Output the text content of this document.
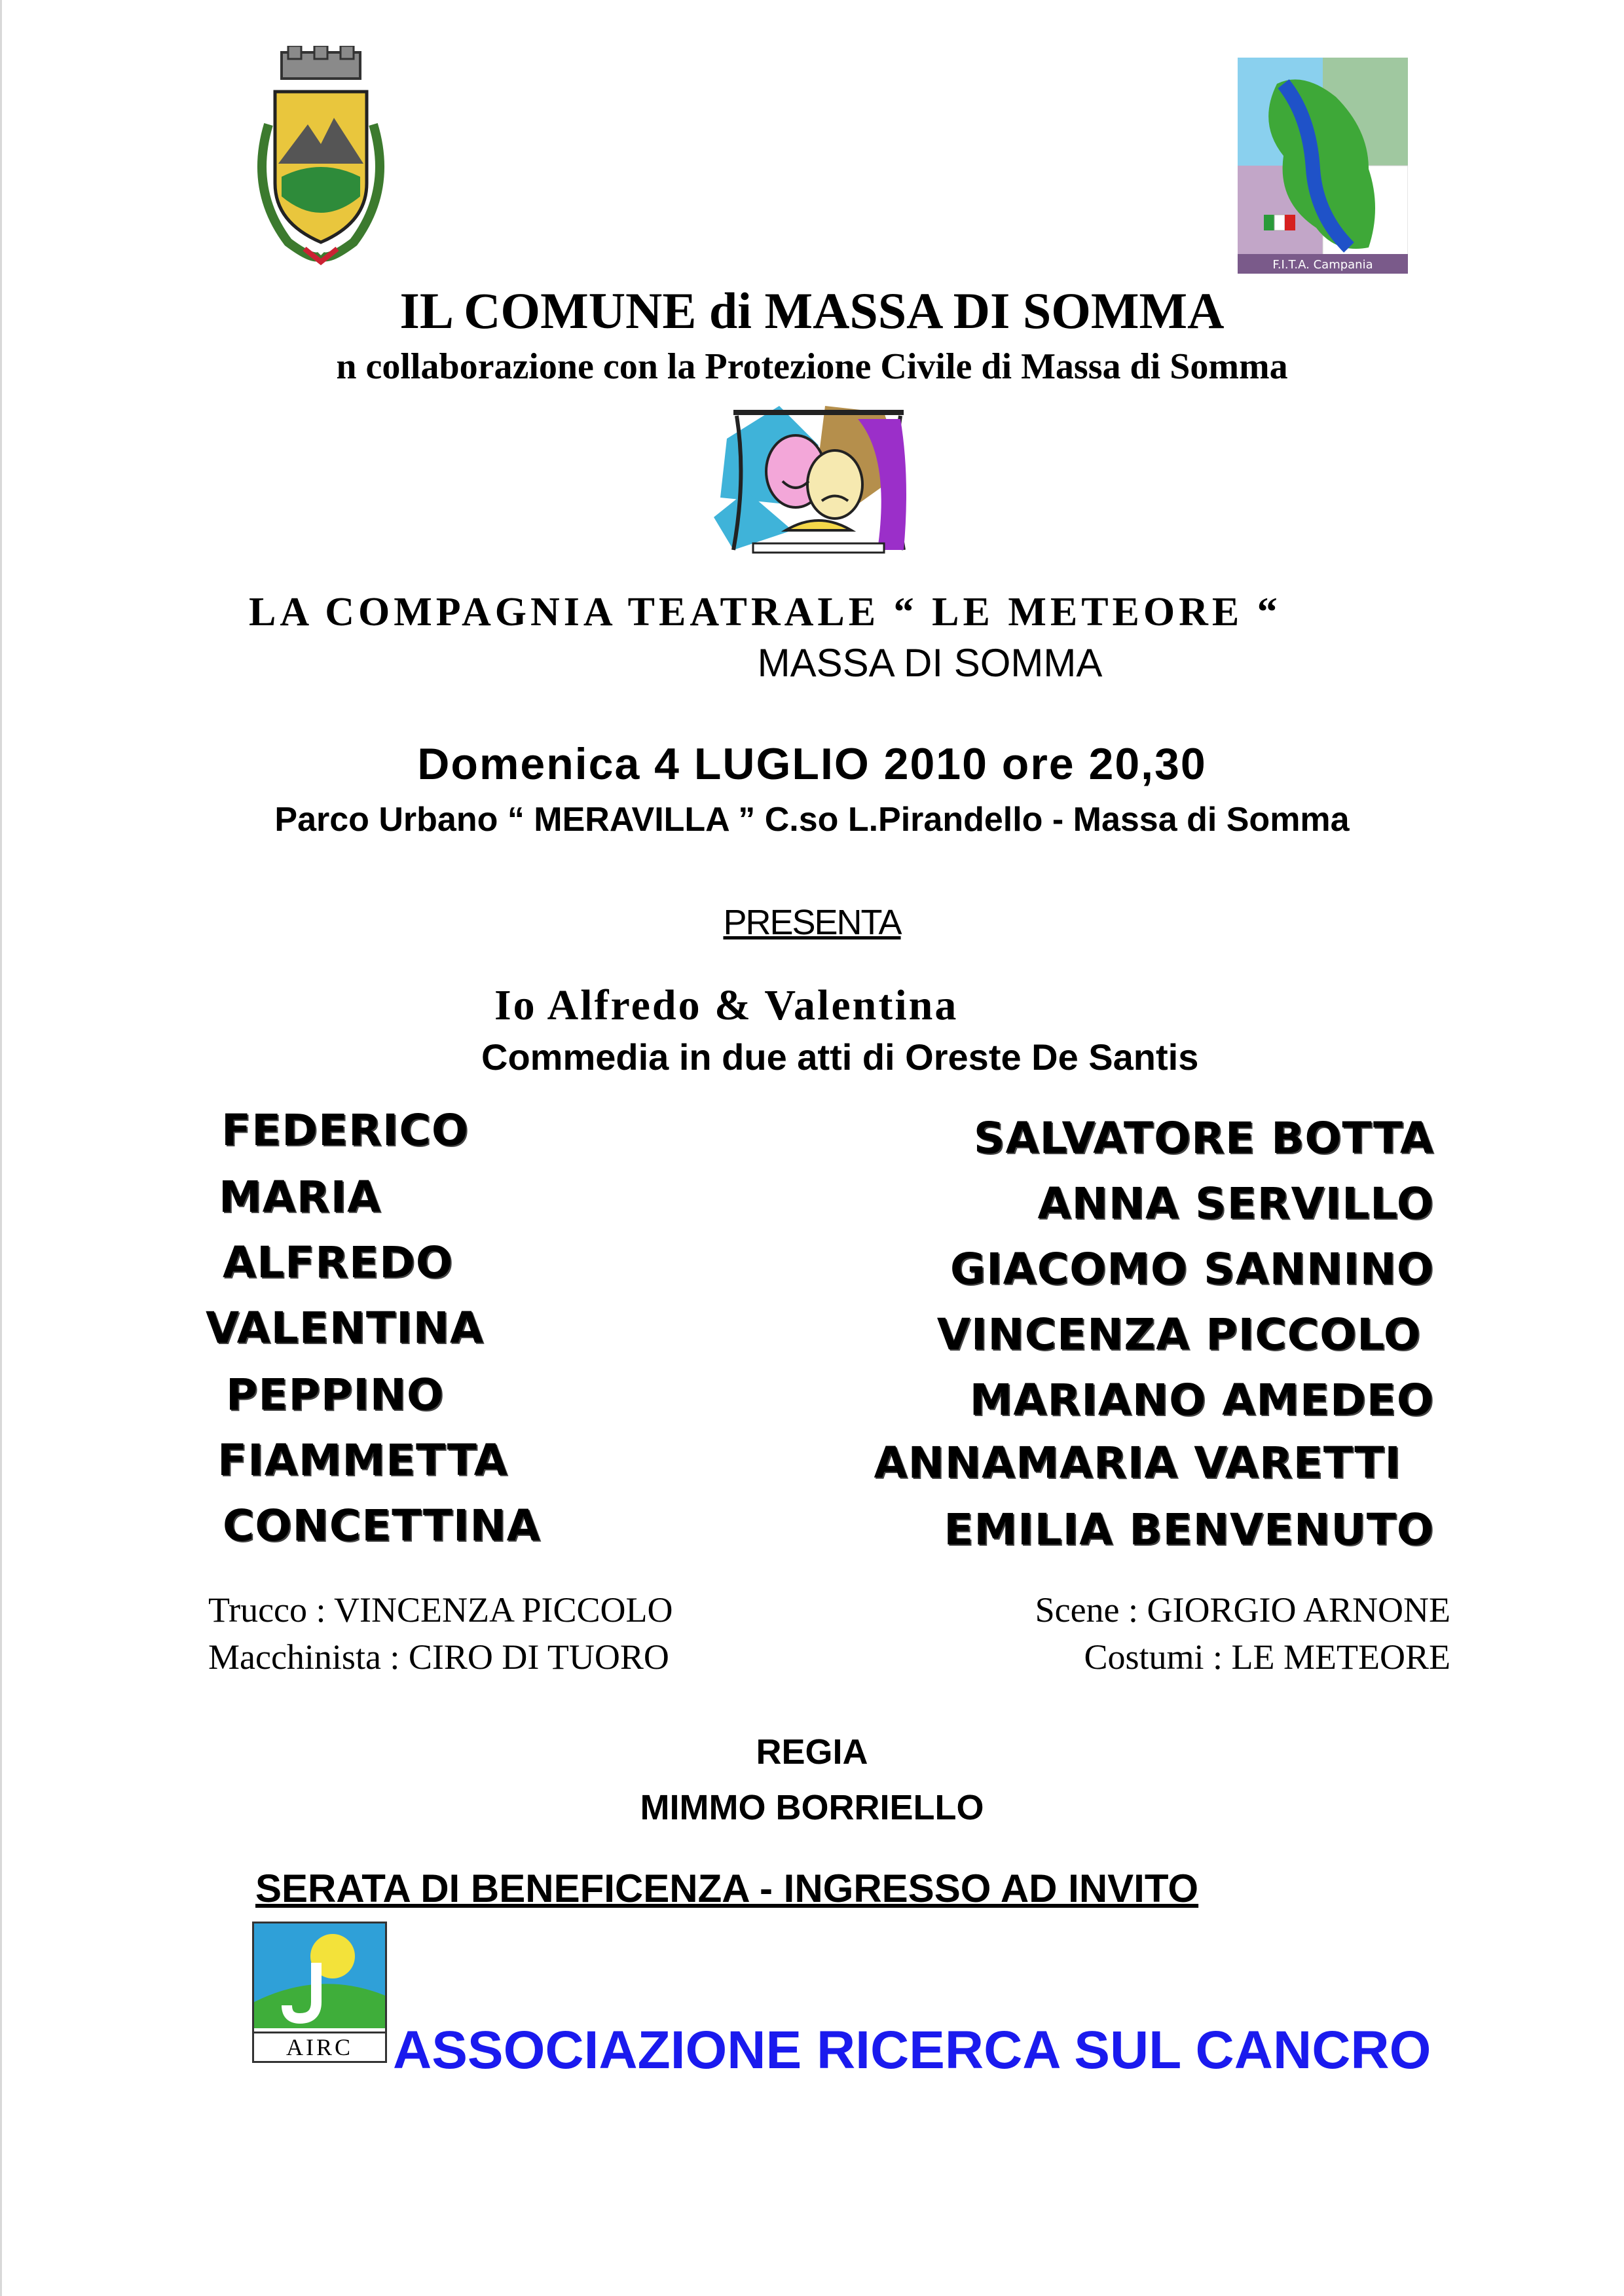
F.I.T.A. Campania
IL COMUNE di MASSA DI SOMMA
n collaborazione con la Protezione Civile di Massa di Somma
LA COMPAGNIA TEATRALE “ LE METEORE “
MASSA DI SOMMA
Domenica 4 LUGLIO 2010 ore 20,30
Parco Urbano “ MERAVILLA ” C.so L.Pirandello - Massa di Somma
PRESENTA
Io Alfredo & Valentina
Commedia in due atti di Oreste De Santis
FEDERICO	SALVATORE BOTTA
MARIA	ANNA SERVILLO
ALFREDO	GIACOMO SANNINO
VALENTINA	VINCENZA PICCOLO
PEPPINO	MARIANO AMEDEO
FIAMMETTA	ANNAMARIA VARETTI
CONCETTINA	EMILIA BENVENUTO
Trucco : VINCENZA PICCOLO
Macchinista : CIRO DI TUORO
Scene : GIORGIO ARNONE
Costumi : LE METEORE
REGIA
MIMMO BORRIELLO
SERATA DI BENEFICENZA - INGRESSO AD INVITO
AIRC ASSOCIAZIONE RICERCA SUL CANCRO
